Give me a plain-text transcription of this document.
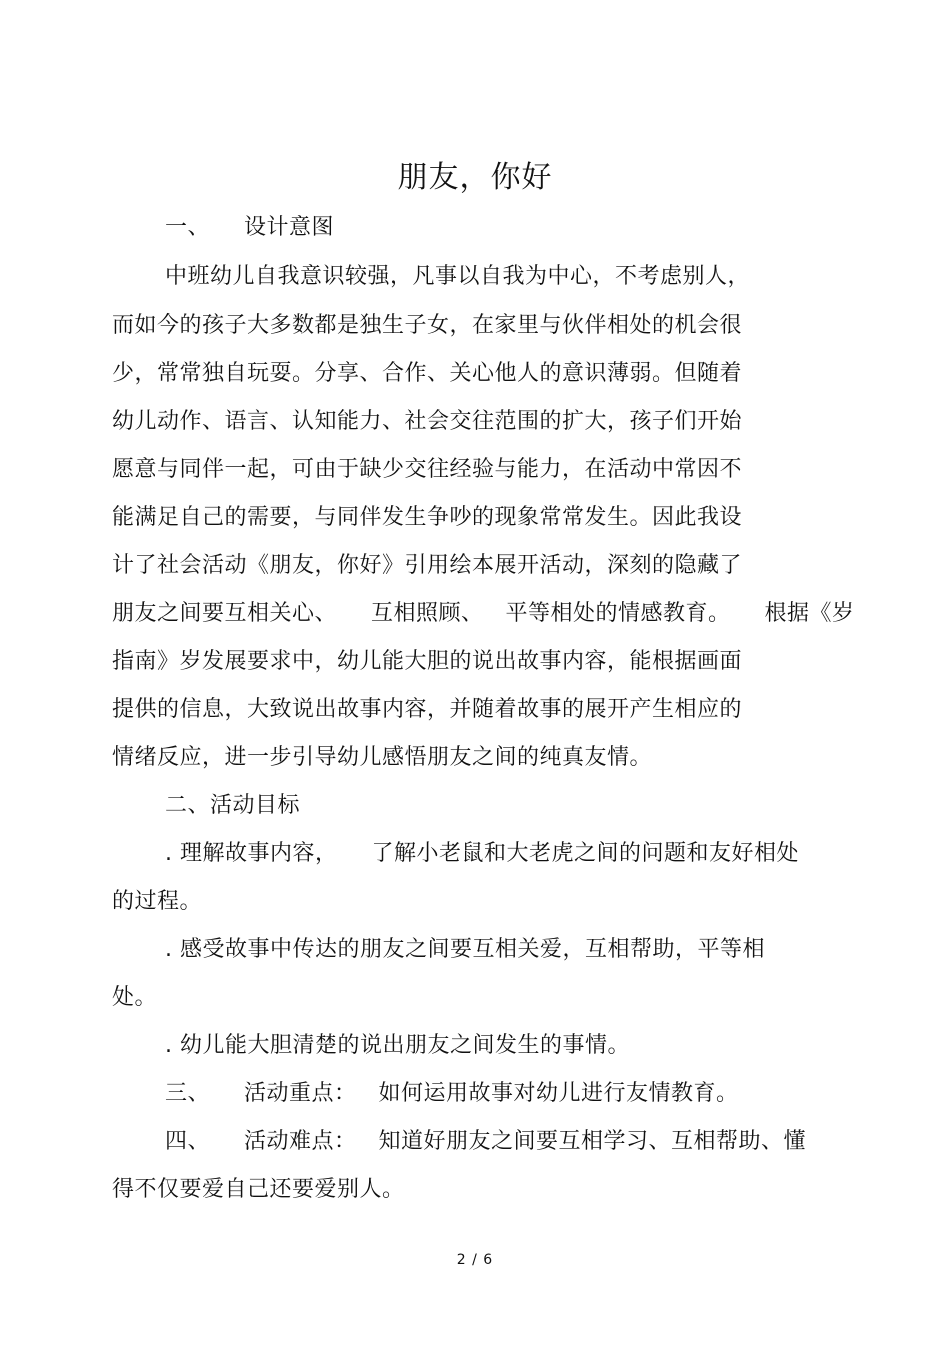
朋友，你好
一、 设计意图
中班幼儿自我意识较强，凡事以自我为中心，不考虑别人，
而如今的孩子大多数都是独生子女，在家里与伙伴相处的机会很
少，常常独自玩耍。分享、合作、关心他人的意识薄弱。但随着
幼儿动作、语言、认知能力、社会交往范围的扩大，孩子们开始
愿意与同伴一起，可由于缺少交往经验与能力，在活动中常因不
能满足自己的需要，与同伴发生争吵的现象常常发生。因此我设
计了社会活动《朋友，你好》引用绘本展开活动，深刻的隐藏了
朋友之间要互相关心、 互相照顾、 平等相处的情感教育。 根据《岁
指南》岁发展要求中，幼儿能大胆的说出故事内容，能根据画面
提供的信息，大致说出故事内容，并随着故事的展开产生相应的
情绪反应，进一步引导幼儿感悟朋友之间的纯真友情。
二、活动目标
. 理解故事内容， 了解小老鼠和大老虎之间的问题和友好相处
的过程。
. 感受故事中传达的朋友之间要互相关爱，互相帮助，平等相
处。
. 幼儿能大胆清楚的说出朋友之间发生的事情。
三、 活动重点： 如何运用故事对幼儿进行友情教育。
四、 活动难点： 知道好朋友之间要互相学习、互相帮助、懂
得不仅要爱自己还要爱别人。
2 / 6
